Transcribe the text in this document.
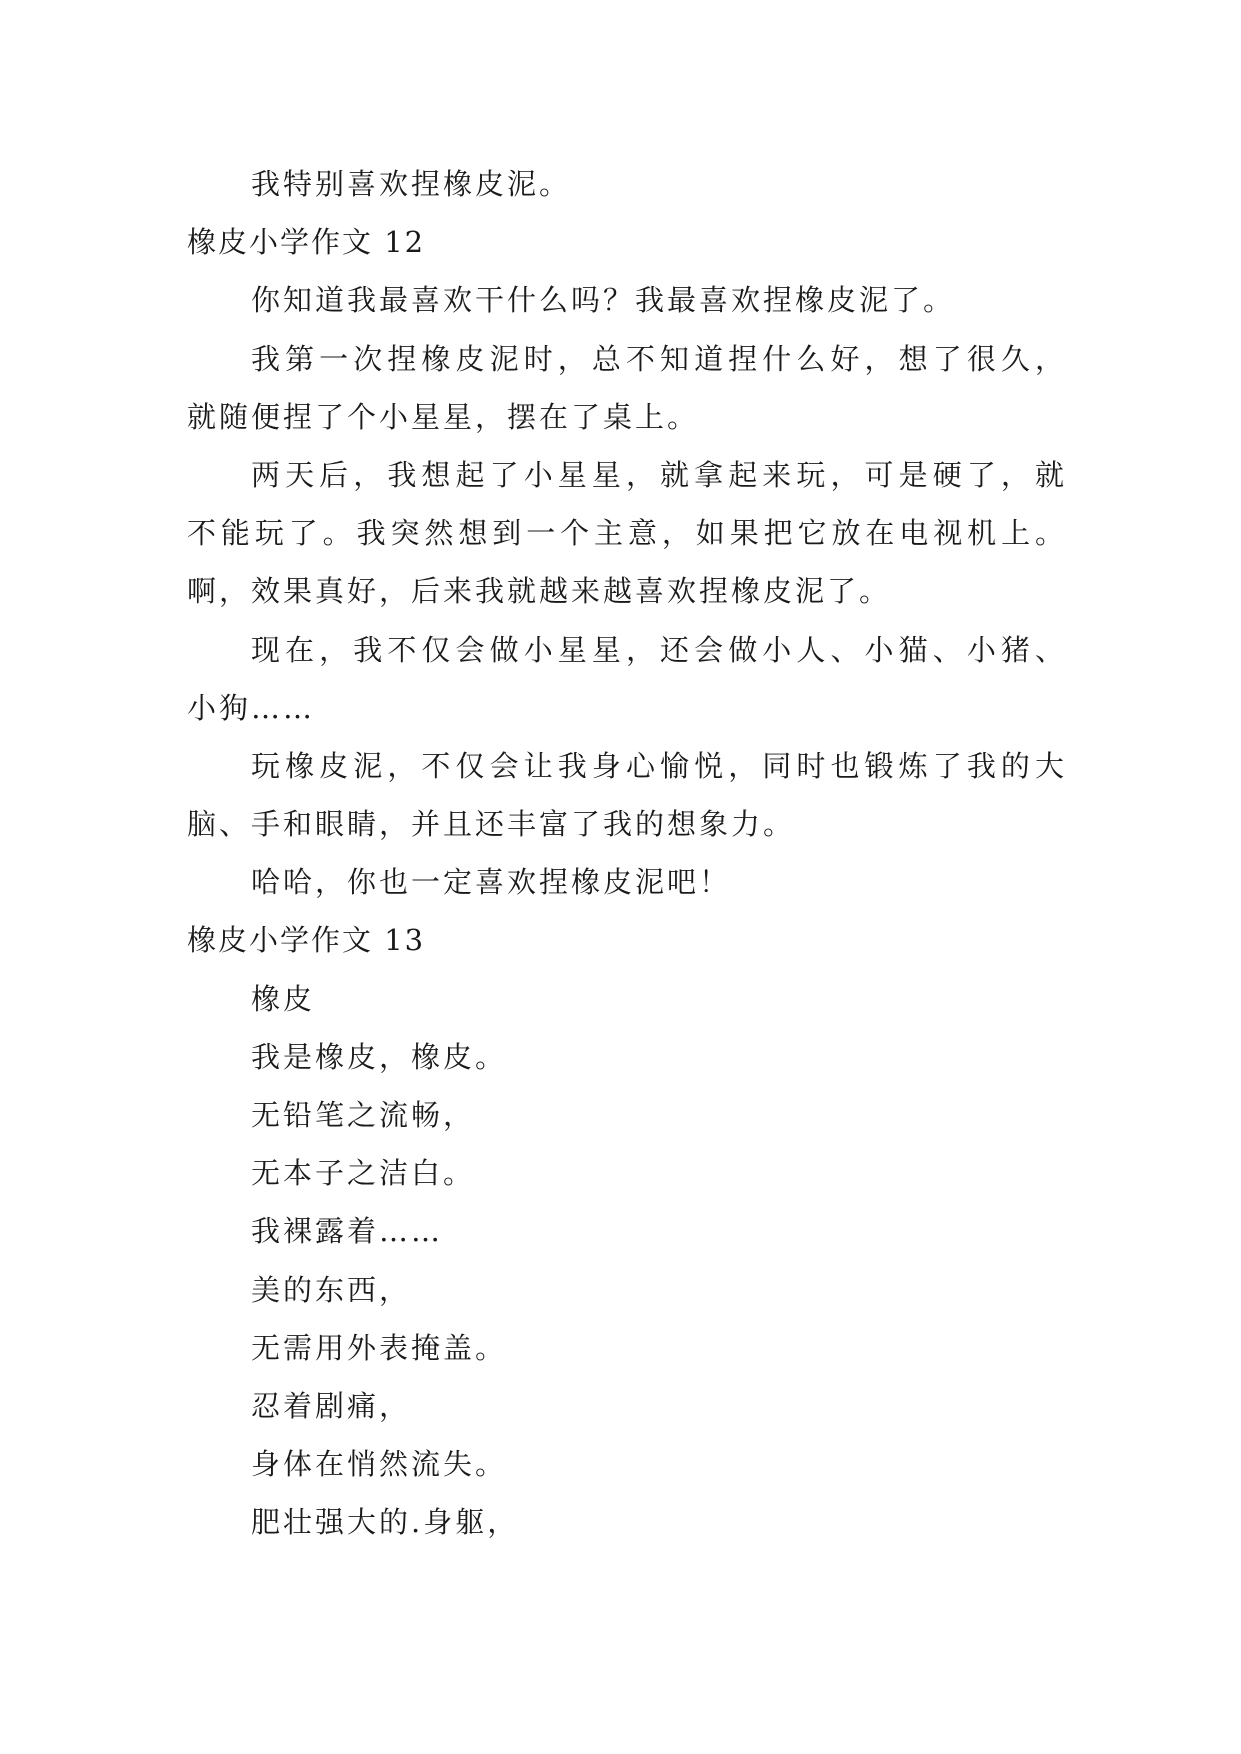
我特别喜欢捏橡皮泥。

橡皮小学作文 12

你知道我最喜欢干什么吗？我最喜欢捏橡皮泥了。

我第一次捏橡皮泥时，总不知道捏什么好，想了很久，

就随便捏了个小星星，摆在了桌上。

两天后，我想起了小星星，就拿起来玩，可是硬了，就

不能玩了。我突然想到一个主意，如果把它放在电视机上。

啊，效果真好，后来我就越来越喜欢捏橡皮泥了。

现在，我不仅会做小星星，还会做小人、小猫、小猪、

小狗……

玩橡皮泥，不仅会让我身心愉悦，同时也锻炼了我的大

脑、手和眼睛，并且还丰富了我的想象力。

哈哈，你也一定喜欢捏橡皮泥吧！

橡皮小学作文 13

橡皮

我是橡皮，橡皮。

无铅笔之流畅，

无本子之洁白。

我裸露着……

美的东西，

无需用外表掩盖。

忍着剧痛，

身体在悄然流失。

肥壮强大的.身躯，
